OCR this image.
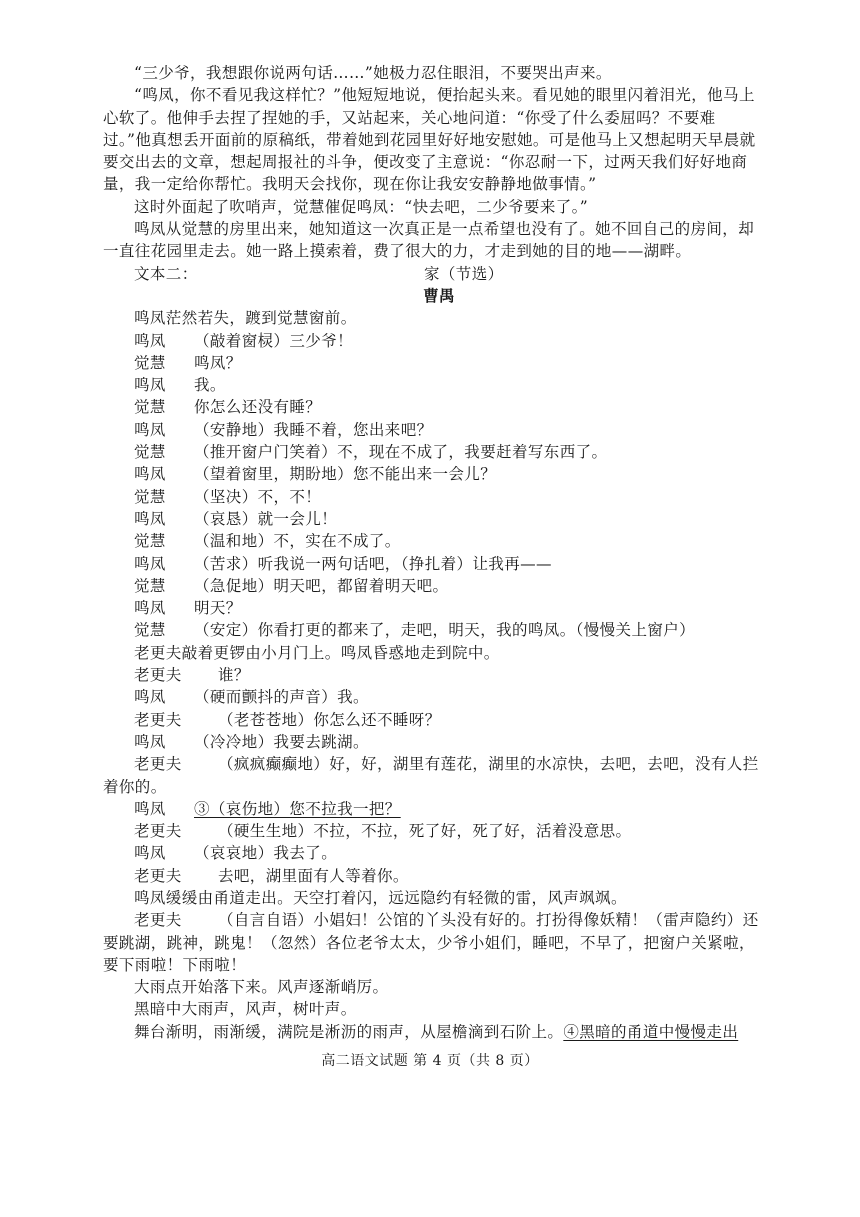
“三少爷，我想跟你说两句话……”她极力忍住眼泪，不要哭出声来。

“鸣凤，你不看见我这样忙？”他短短地说，便抬起头来。看见她的眼里闪着泪光，他马上心软了。他伸手去捏了捏她的手，又站起来，关心地问道：“你受了什么委屈吗？不要难过。”他真想丢开面前的原稿纸，带着她到花园里好好地安慰她。可是他马上又想起明天早晨就要交出去的文章，想起周报社的斗争，便改变了主意说：“你忍耐一下，过两天我们好好地商量，我一定给你帮忙。我明天会找你，现在你让我安安静静地做事情。”

这时外面起了吹哨声，觉慧催促鸣凤：“快去吧，二少爷要来了。”

鸣凤从觉慧的房里出来，她知道这一次真正是一点希望也没有了。她不回自己的房间，却一直往花园里走去。她一路上摸索着，费了很大的力，才走到她的目的地——湖畔。

文本二：	家（节选）

曹禺

鸣凤茫然若失，踱到觉慧窗前。

鸣凤	（敲着窗棂）三少爷！
觉慧	鸣凤？
鸣凤	我。
觉慧	你怎么还没有睡？
鸣凤	（安静地）我睡不着，您出来吧？
觉慧	（推开窗户门笑着）不，现在不成了，我要赶着写东西了。
鸣凤	（望着窗里，期盼地）您不能出来一会儿？
觉慧	（坚决）不，不！
鸣凤	（哀恳）就一会儿！
觉慧	（温和地）不，实在不成了。
鸣凤	（苦求）听我说一两句话吧，（挣扎着）让我再——
觉慧	（急促地）明天吧，都留着明天吧。
鸣凤	明天？
觉慧	（安定）你看打更的都来了，走吧，明天，我的鸣凤。（慢慢关上窗户）

老更夫敲着更锣由小月门上。鸣凤昏惑地走到院中。

老更夫	谁？
鸣凤	（硬而颤抖的声音）我。
老更夫	（老苍苍地）你怎么还不睡呀？
鸣凤	（冷冷地）我要去跳湖。

老更夫 （疯疯癫癫地）好，好，湖里有莲花，湖里的水凉快，去吧，去吧，没有人拦

着你的。

鸣凤	③（哀伤地）您不拉我一把？
老更夫	（硬生生地）不拉，不拉，死了好，死了好，活着没意思。
鸣凤	（哀哀地）我去了。
老更夫	去吧，湖里面有人等着你。

鸣凤缓缓由甬道走出。天空打着闪，远远隐约有轻微的雷，风声飒飒。

老更夫 （自言自语）小娼妇！公馆的丫头没有好的。打扮得像妖精！（雷声隐约）还

要跳湖，跳神，跳鬼！（忽然）各位老爷太太，少爷小姐们，睡吧，不早了，把窗户关紧啦，

要下雨啦！下雨啦！

大雨点开始落下来。风声逐渐峭厉。

黑暗中大雨声，风声，树叶声。

舞台渐明，雨渐缓，满院是淅沥的雨声，从屋檐滴到石阶上。④黑暗的甬道中慢慢走出

高二语文试题 第 4 页（共 8 页）
